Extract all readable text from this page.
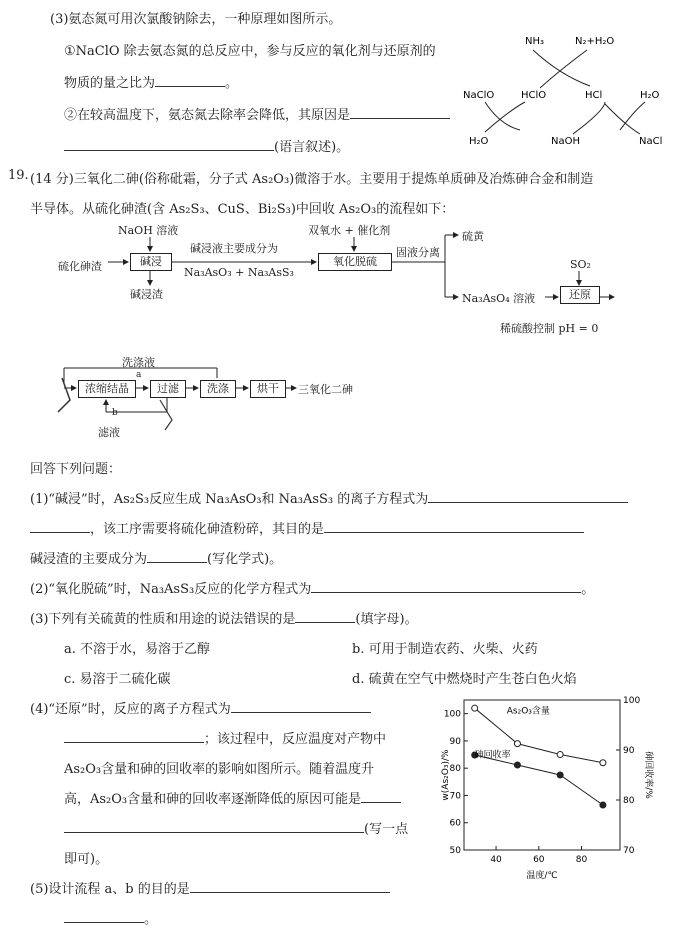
(3)氨态氮可用次氯酸钠除去，一种原理如图所示。
①NaClO 除去氨态氮的总反应中，参与反应的氧化剂与还原剂的
物质的量之比为	。
②在较高温度下，氨态氮去除率会降低，其原因是
(语言叙述)。
NH₃	N₂+H₂O
NaClO	HClO	HCl	H₂O
H₂O	NaOH	NaCl
19. (14 分)三氧化二砷(俗称砒霜，分子式 As₂O₃)微溶于水。主要用于提炼单质砷及冶炼砷合金和制造
半导体。从硫化砷渣(含 As₂S₃、CuS、Bi₂S₃)中回收 As₂O₃的流程如下：
NaOH 溶液
硫化砷渣	碱浸
碱浸渣
碱浸液主要成分为
Na₃AsO₃ + Na₃AsS₃
双氧水 + 催化剂
氧化脱硫
固液分离
硫黄
Na₃AsO₄ 溶液
SO₂
还原
稀硫酸控制 pH = 0
洗涤液
a
浓缩结晶	过滤	洗涤	烘干	三氧化二砷
b
滤液
回答下列问题：
(1)“碱浸”时，As₂S₃反应生成 Na₃AsO₃和 Na₃AsS₃ 的离子方程式为
，该工序需要将硫化砷渣粉碎，其目的是
碱浸渣的主要成分为	(写化学式)。
(2)“氧化脱硫”时，Na₃AsS₃反应的化学方程式为	。
(3)下列有关硫黄的性质和用途的说法错误的是	(填字母)。
a. 不溶于水，易溶于乙醇	b. 可用于制造农药、火柴、火药
c. 易溶于二硫化碳	d. 硫黄在空气中燃烧时产生苍白色火焰
(4)“还原”时，反应的离子方程式为
；该过程中，反应温度对产物中
As₂O₃含量和砷的回收率的影响如图所示。随着温度升
高，As₂O₃含量和砷的回收率逐渐降低的原因可能是
(写一点
即可)。
(5)设计流程 a、b 的目的是
。
50
60
70
80
90
100
70
80
90
100
40	60	80
温度/℃
w(As₂O₃)/%	砷回收率/%
As₂O₃含量
砷回收率
